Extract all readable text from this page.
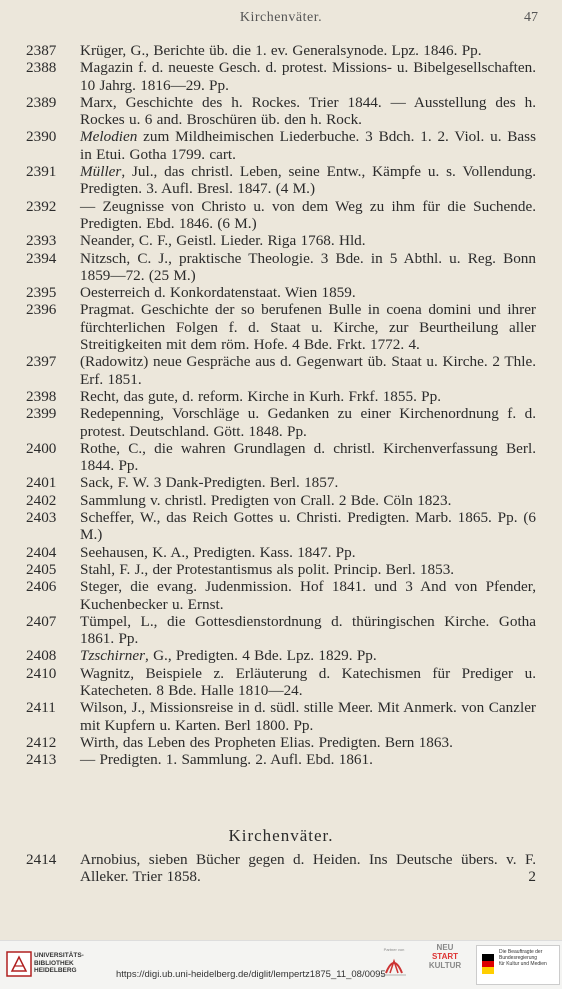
Kirchenväter.	47

2387 Krüger, G., Berichte üb. die 1. ev. Generalsynode. Lpz. 1846. Pp.

2388 Magazin f. d. neueste Gesch. d. protest. Missions- u. Bibelgesellschaften. 10 Jahrg. 1816—29. Pp.

2389 Marx, Geschichte des h. Rockes. Trier 1844. — Ausstellung des h. Rockes u. 6 and. Broschüren üb. den h. Rock.

2390 Melodien zum Mildheimischen Liederbuche. 3 Bdch. 1. 2. Viol. u. Bass in Etui. Gotha 1799. cart.

2391 Müller, Jul., das christl. Leben, seine Entw., Kämpfe u. s. Vollendung. Predigten. 3. Aufl. Bresl. 1847. (4 M.)

2392 — Zeugnisse von Christo u. von dem Weg zu ihm für die Suchende. Predigten. Ebd. 1846. (6 M.)

2393 Neander, C. F., Geistl. Lieder. Riga 1768. Hld.

2394 Nitzsch, C. J., praktische Theologie. 3 Bde. in 5 Abthl. u. Reg. Bonn 1859—72. (25 M.)

2395 Oesterreich d. Konkordatenstaat. Wien 1859.

2396 Pragmat. Geschichte der so berufenen Bulle in coena domini und ihrer fürchterlichen Folgen f. d. Staat u. Kirche, zur Beurtheilung aller Streitigkeiten mit dem röm. Hofe. 4 Bde. Frkt. 1772. 4.

2397 (Radowitz) neue Gespräche aus d. Gegenwart üb. Staat u. Kirche. 2 Thle. Erf. 1851.

2398 Recht, das gute, d. reform. Kirche in Kurh. Frkf. 1855. Pp.

2399 Redepenning, Vorschläge u. Gedanken zu einer Kirchenordnung f. d. protest. Deutschland. Gött. 1848. Pp.

2400 Rothe, C., die wahren Grundlagen d. christl. Kirchenverfassung Berl. 1844. Pp.

2401 Sack, F. W. 3 Dank-Predigten. Berl. 1857.

2402 Sammlung v. christl. Predigten von Crall. 2 Bde. Cöln 1823.

2403 Scheffer, W., das Reich Gottes u. Christi. Predigten. Marb. 1865. Pp. (6 M.)

2404 Seehausen, K. A., Predigten. Kass. 1847. Pp.

2405 Stahl, F. J., der Protestantismus als polit. Princip. Berl. 1853.

2406 Steger, die evang. Judenmission. Hof 1841. und 3 And von Pfender, Kuchenbecker u. Ernst.

2407 Tümpel, L., die Gottesdienstordnung d. thüringischen Kirche. Gotha 1861. Pp.

2408 Tzschirner, G., Predigten. 4 Bde. Lpz. 1829. Pp.

2410 Wagnitz, Beispiele z. Erläuterung d. Katechismen für Prediger u. Katecheten. 8 Bde. Halle 1810—24.

2411 Wilson, J., Missionsreise in d. südl. stille Meer. Mit Anmerk. von Canzler mit Kupfern u. Karten. Berl 1800. Pp.

2412 Wirth, das Leben des Propheten Elias. Predigten. Bern 1863.

2413 — Predigten. 1. Sammlung. 2. Aufl. Ebd. 1861.

Kirchenväter.

2414 Arnobius, sieben Bücher gegen d. Heiden. Ins Deutsche übers. v. F. Alleker. Trier 1858.	2

UNIVERSITÄTS-
BIBLIOTHEK
HEIDELBERG	https://digi.ub.uni-heidelberg.de/diglit/lempertz1875_11_08/0095
Partner von	NEU
START
KULTUR
Die Beauftragte der Bundesregierung
für Kultur und Medien
